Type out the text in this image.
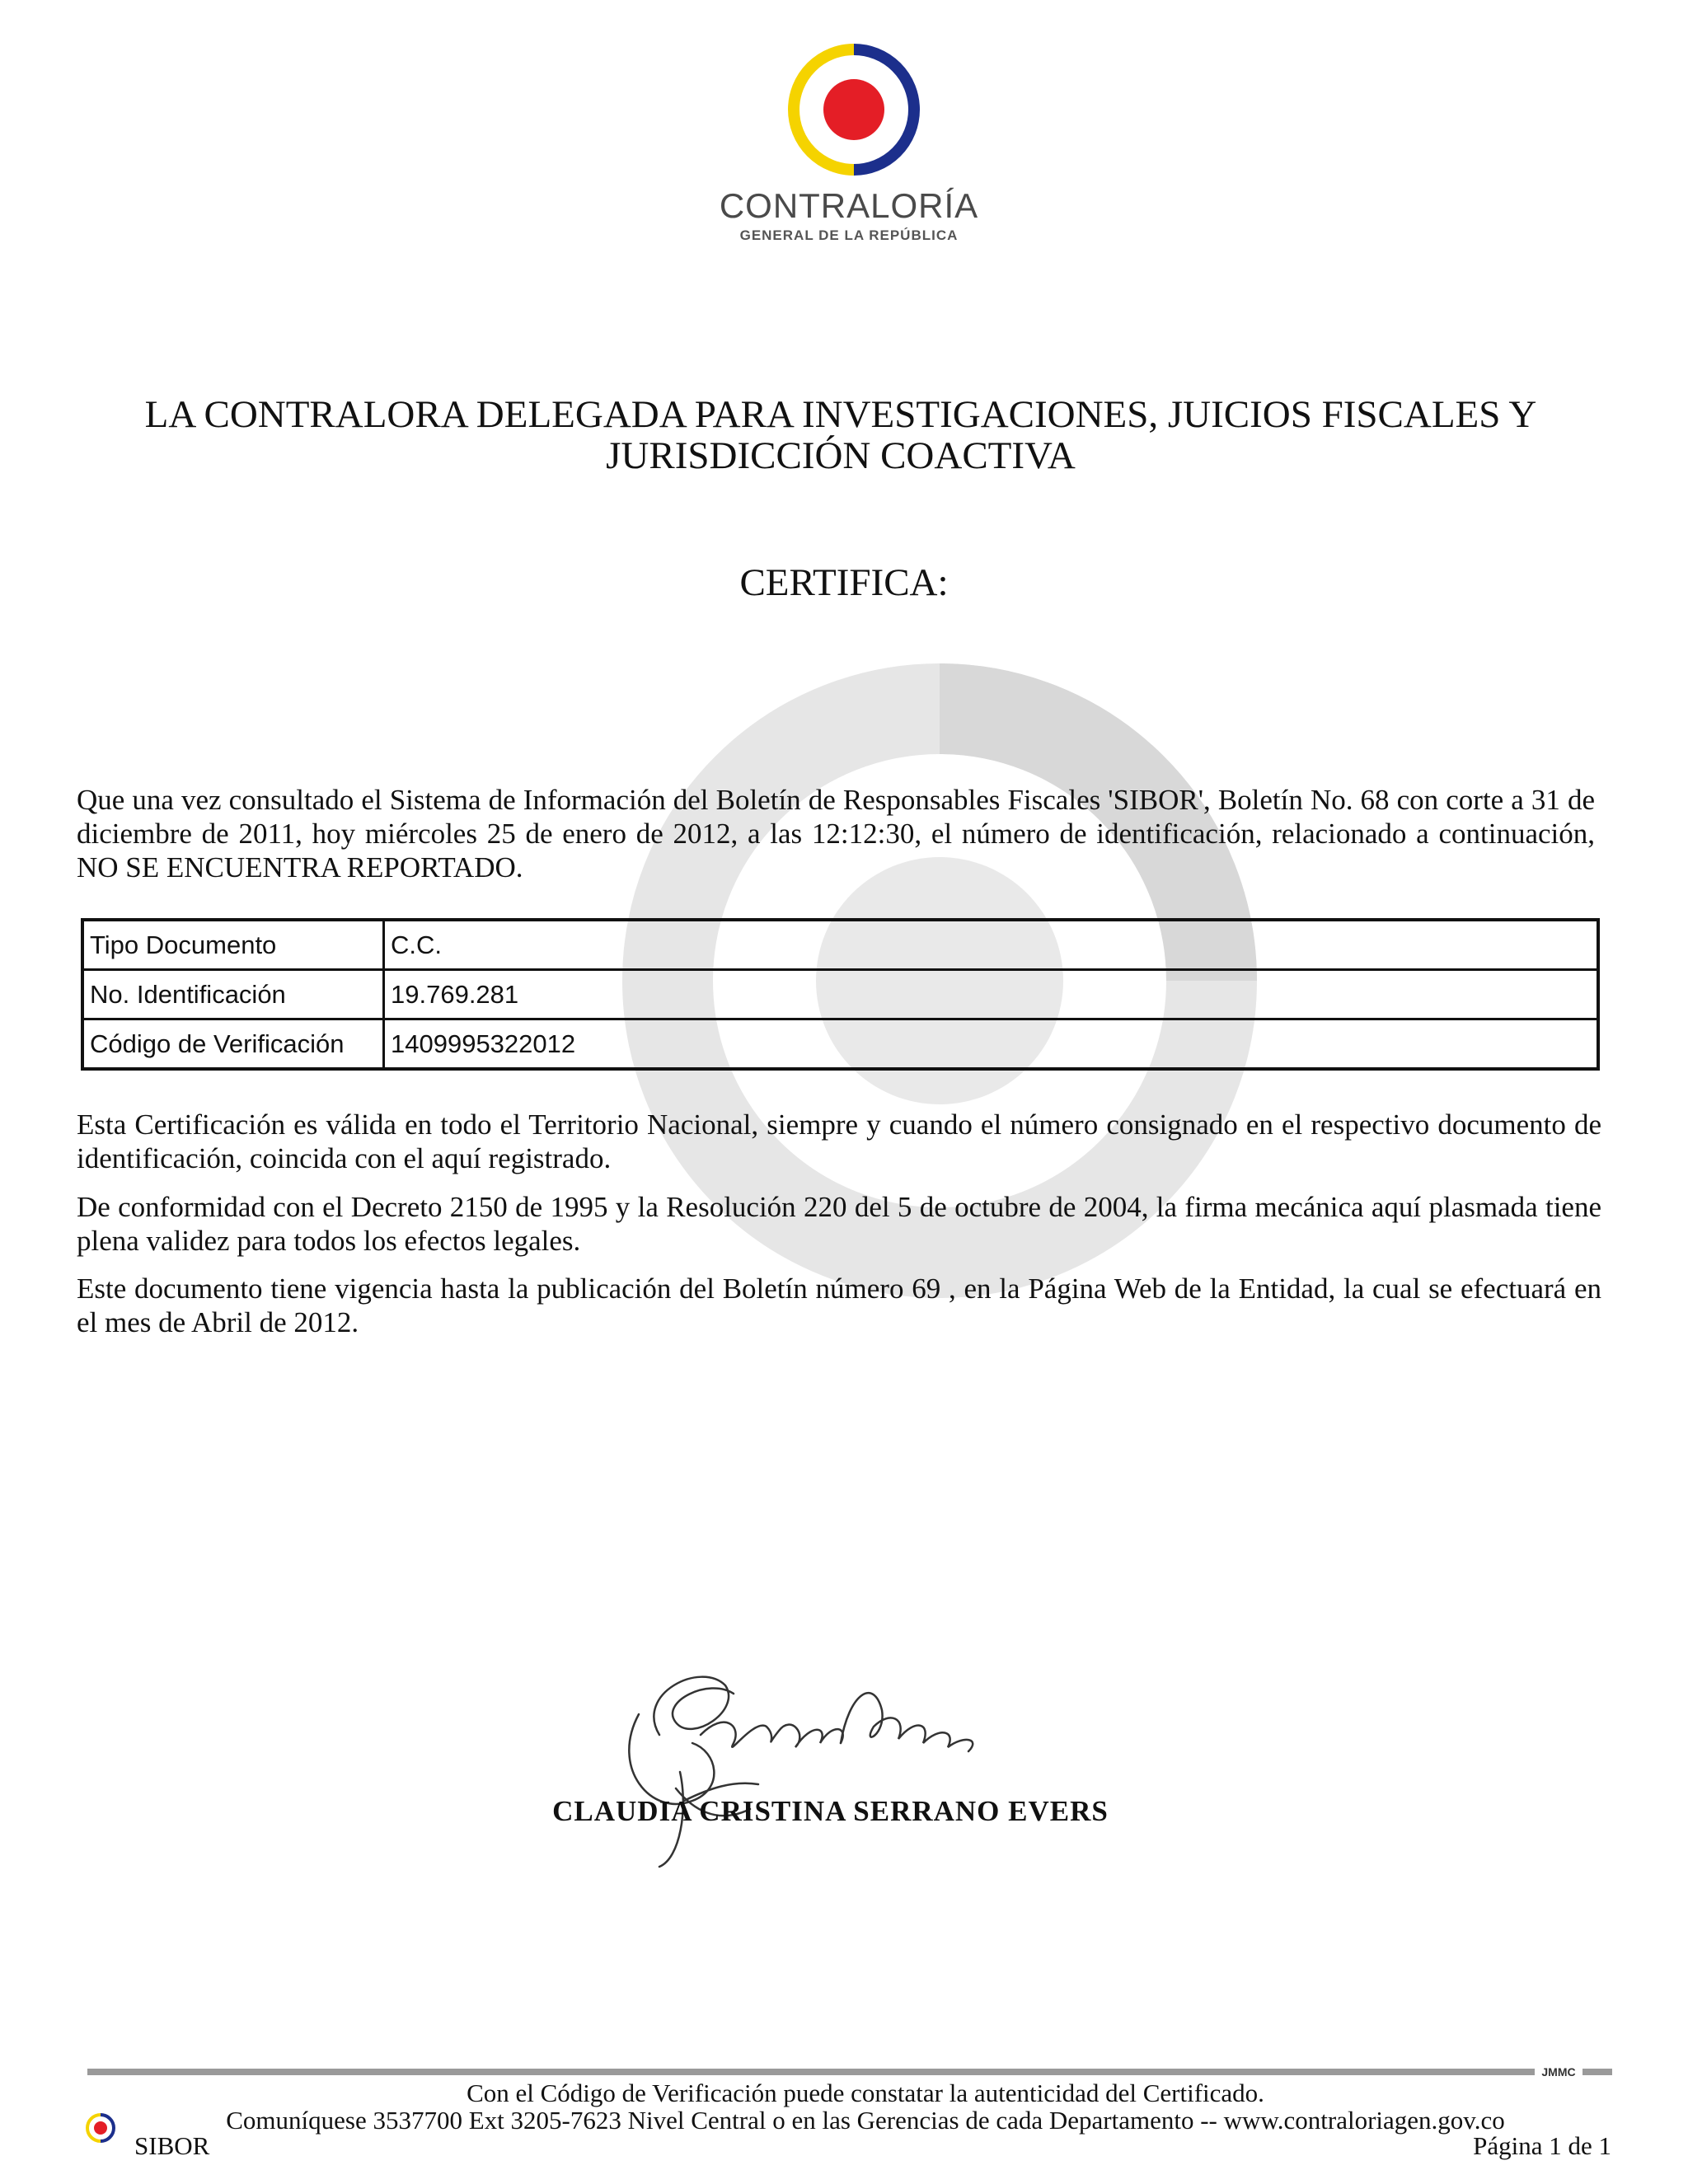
CONTRALORÍA
GENERAL DE LA REPÚBLICA
LA CONTRALORA DELEGADA PARA INVESTIGACIONES, JUICIOS FISCALES Y JURISDICCIÓN COACTIVA
CERTIFICA:
Que una vez consultado el Sistema de Información del Boletín de Responsables Fiscales 'SIBOR', Boletín No. 68 con corte a 31 de diciembre de 2011, hoy miércoles 25 de enero de 2012, a las 12:12:30, el número de identificación, relacionado a continuación, NO SE ENCUENTRA REPORTADO.
Tipo Documento	C.C.
No. Identificación	19.769.281
Código de Verificación	1409995322012
Esta Certificación es válida en todo el Territorio Nacional, siempre y cuando el número consignado en el respectivo documento de identificación, coincida con el aquí registrado.
De conformidad con el Decreto 2150 de 1995 y la Resolución 220 del 5 de octubre de 2004, la firma mecánica aquí plasmada tiene plena validez para todos los efectos legales.
Este documento tiene vigencia hasta la publicación del Boletín número 69 , en la Página Web de la Entidad, la cual se efectuará en el mes de Abril de 2012.
CLAUDIA CRISTINA SERRANO EVERS
JMMC
Con el Código de Verificación puede constatar la autenticidad del Certificado.
Comuníquese 3537700 Ext 3205-7623 Nivel Central o en las Gerencias de cada Departamento -- www.contraloriagen.gov.co
SIBOR	Página 1 de 1
